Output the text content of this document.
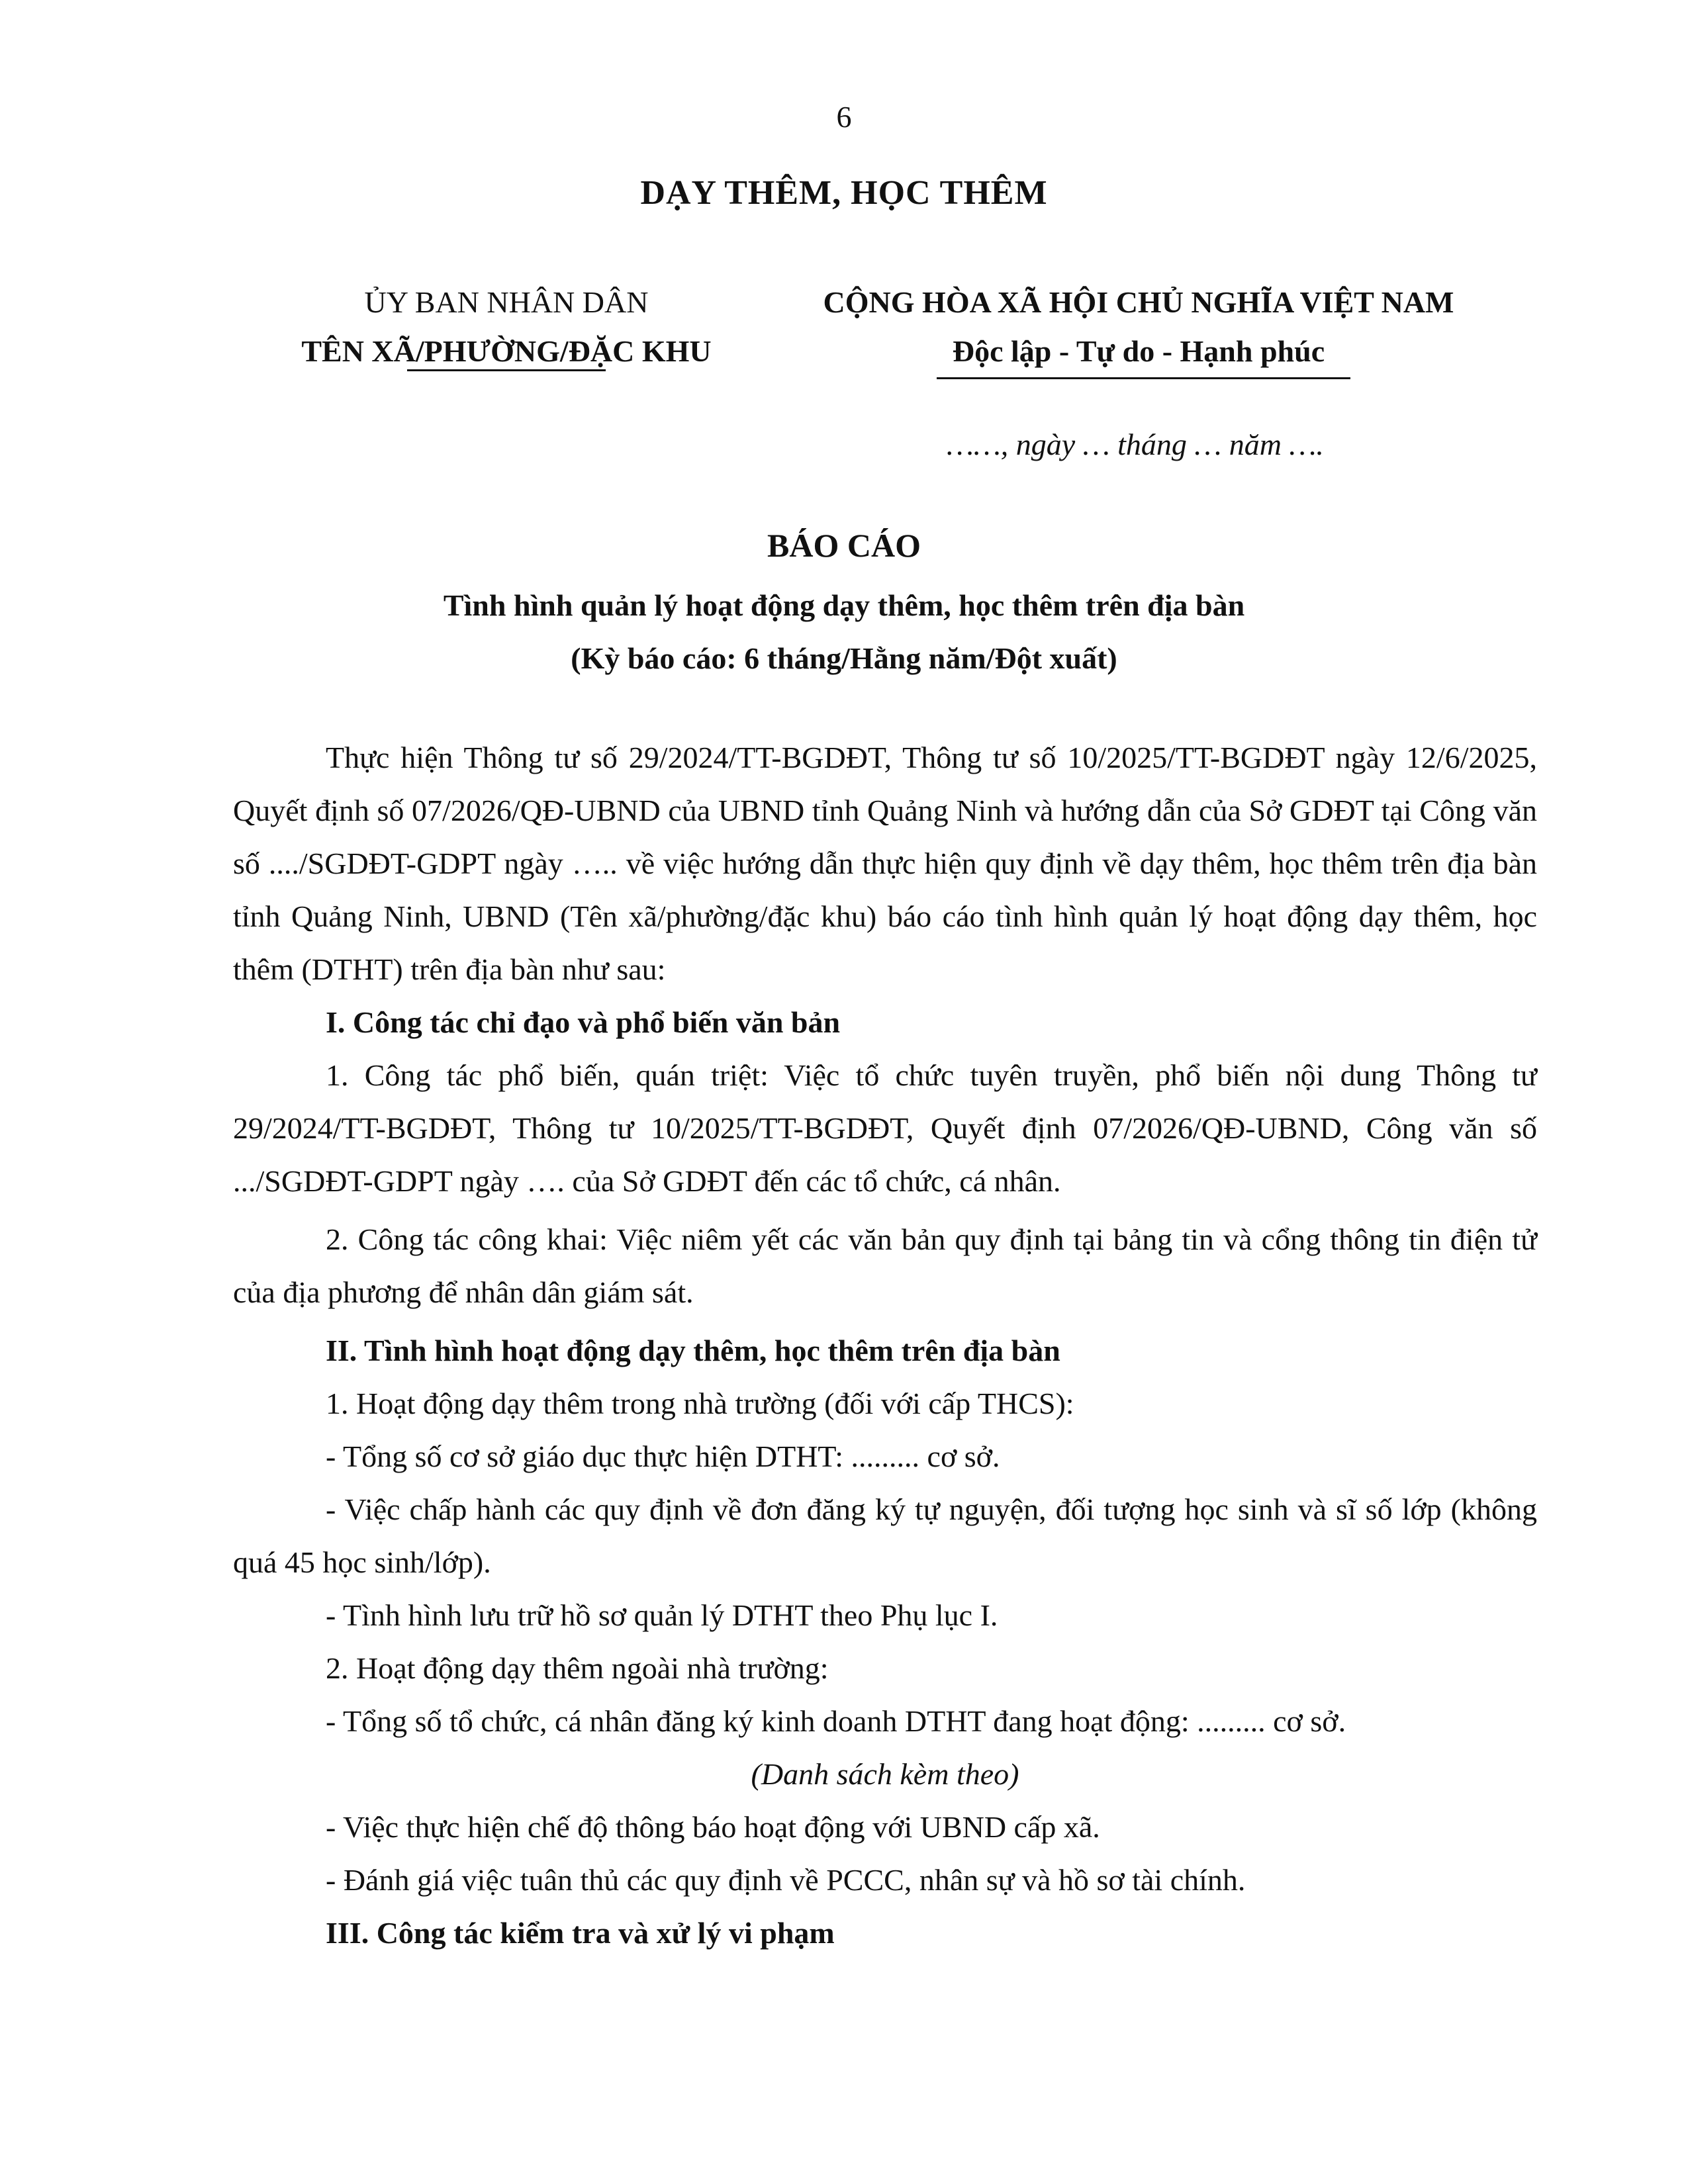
6
DẠY THÊM, HỌC THÊM
ỦY BAN NHÂN DÂN
TÊN XÃ/PHƯỜNG/ĐẶC KHU
CỘNG HÒA XÃ HỘI CHỦ NGHĨA VIỆT NAM
Độc lập - Tự do - Hạnh phúc
……, ngày … tháng … năm ….
BÁO CÁO
Tình hình quản lý hoạt động dạy thêm, học thêm trên địa bàn
(Kỳ báo cáo: 6 tháng/Hằng năm/Đột xuất)

Thực hiện Thông tư số 29/2024/TT-BGDĐT, Thông tư số 10/2025/TT-BGDĐT ngày 12/6/2025, Quyết định số 07/2026/QĐ-UBND của UBND tỉnh Quảng Ninh và hướng dẫn của Sở GDĐT tại Công văn số ..../SGDĐT-GDPT ngày ….. về việc hướng dẫn thực hiện quy định về dạy thêm, học thêm trên địa bàn tỉnh Quảng Ninh, UBND (Tên xã/phường/đặc khu) báo cáo tình hình quản lý hoạt động dạy thêm, học thêm (DTHT) trên địa bàn như sau:

I. Công tác chỉ đạo và phổ biến văn bản

1. Công tác phổ biến, quán triệt: Việc tổ chức tuyên truyền, phổ biến nội dung Thông tư 29/2024/TT-BGDĐT, Thông tư 10/2025/TT-BGDĐT, Quyết định 07/2026/QĐ-UBND, Công văn số .../SGDĐT-GDPT ngày …. của Sở GDĐT đến các tổ chức, cá nhân.

2. Công tác công khai: Việc niêm yết các văn bản quy định tại bảng tin và cổng thông tin điện tử của địa phương để nhân dân giám sát.

II. Tình hình hoạt động dạy thêm, học thêm trên địa bàn

1. Hoạt động dạy thêm trong nhà trường (đối với cấp THCS):

- Tổng số cơ sở giáo dục thực hiện DTHT: ......... cơ sở.

- Việc chấp hành các quy định về đơn đăng ký tự nguyện, đối tượng học sinh và sĩ số lớp (không quá 45 học sinh/lớp).

- Tình hình lưu trữ hồ sơ quản lý DTHT theo Phụ lục I.

2. Hoạt động dạy thêm ngoài nhà trường:

- Tổng số tổ chức, cá nhân đăng ký kinh doanh DTHT đang hoạt động: ......... cơ sở.

(Danh sách kèm theo)

- Việc thực hiện chế độ thông báo hoạt động với UBND cấp xã.

- Đánh giá việc tuân thủ các quy định về PCCC, nhân sự và hồ sơ tài chính.

III. Công tác kiểm tra và xử lý vi phạm
